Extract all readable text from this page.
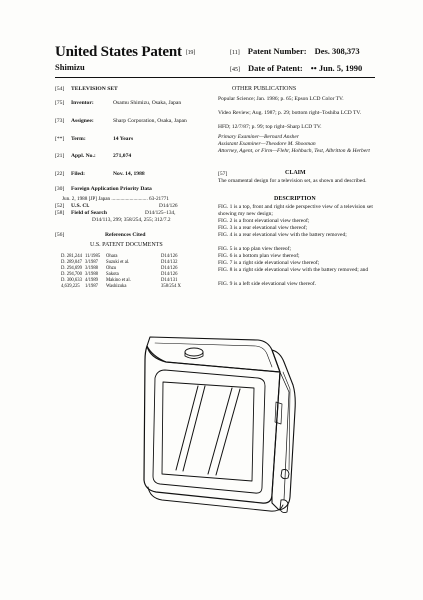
United States Patent [19]
Shimizu
[11] Patent Number: Des. 308,373
[45] Date of Patent: •• Jun. 5, 1990
[54] TELEVISION SET
[75] Inventor:	Osamu Shimizu, Osaka, Japan
[73] Assignee:	Sharp Corporation, Osaka, Japan
[**] Term:	14 Years
[21] Appl. No.:	271,074
[22] Filed:	Nov. 14, 1988
[30] Foreign Application Priority Data
Jun. 2, 1988 [JP] Japan ............................ 63-21771
[52] U.S. Cl.	D14/126
[58] Field of Search	D14/125–134,
D14/113, 299; 358/254, 255; 312/7.2
[56]	References Cited
U.S. PATENT DOCUMENTS
D. 281,244 11/1985 Ohara	D14/126
D. 289,047 3/1987 Suzuki et al.	D14/132
D. 294,699 3/1988 Ohzu	D14/126
D. 294,700 3/1988 Sakota	D14/126
D. 300,633 4/1989 Makino et al.	D14/131
4,639,225 1/1987 Washizuka	358/254 X
OTHER PUBLICATIONS
Popular Science; Jan. 1986; p. 65; Epson LCD Color TV.
Video Review; Aug. 1987; p. 29; bottom right–Toshiba LCD TV.
HFD; 12/7/87; p. 99; top right–Sharp LCD TV.
Primary Examiner—Bernard Ansher
Assistant Examiner—Theodore M. Shooman
Attorney, Agent, or Firm—Flehr, Hohbach, Test, Albritton & Herbert
[57]	CLAIM
The ornamental design for a television set, as shown and described.
DESCRIPTION
FIG. 1 is a top, front and right side perspective view of a television set showing my new design;
FIG. 2 is a front elevational view thereof;
FIG. 3 is a rear elevational view thereof;
FIG. 4 is a rear elevational view with the battery removed;
FIG. 5 is a top plan view thereof;
FIG. 6 is a bottom plan view thereof;
FIG. 7 is a right side elevational view thereof;
FIG. 8 is a right side elevational view with the battery removed; and
FIG. 9 is a left side elevational view thereof.
